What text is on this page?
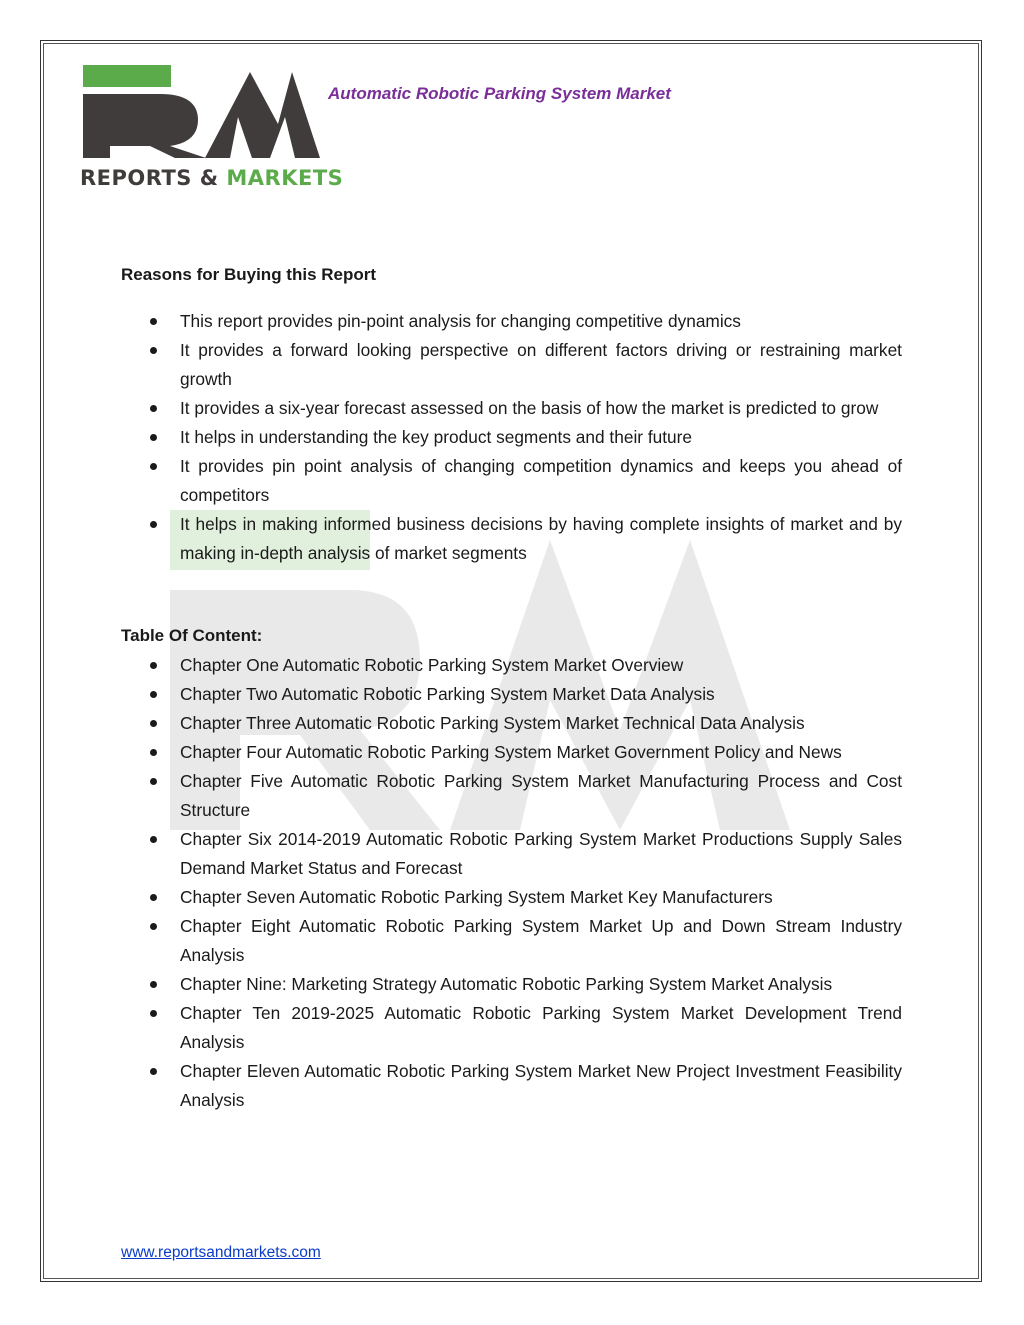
REPORTS & MARKETS
Automatic Robotic Parking System Market
Reasons for Buying this Report
This report provides pin-point analysis for changing competitive dynamics
It provides a forward looking perspective on different factors driving or restraining market growth
It provides a six-year forecast assessed on the basis of how the market is predicted to grow
It helps in understanding the key product segments and their future
It provides pin point analysis of changing competition dynamics and keeps you ahead of competitors
It helps in making informed business decisions by having complete insights of market and by making in-depth analysis of market segments
Table Of Content:
Chapter One Automatic Robotic Parking System Market Overview
Chapter Two Automatic Robotic Parking System Market Data Analysis
Chapter Three Automatic Robotic Parking System Market Technical Data Analysis
Chapter Four Automatic Robotic Parking System Market Government Policy and News
Chapter Five Automatic Robotic Parking System Market Manufacturing Process and Cost Structure
Chapter Six 2014-2019 Automatic Robotic Parking System Market Productions Supply Sales Demand Market Status and Forecast
Chapter Seven Automatic Robotic Parking System Market Key Manufacturers
Chapter Eight Automatic Robotic Parking System Market Up and Down Stream Industry Analysis
Chapter Nine: Marketing Strategy Automatic Robotic Parking System Market Analysis
Chapter Ten 2019-2025 Automatic Robotic Parking System Market Development Trend Analysis
Chapter Eleven Automatic Robotic Parking System Market New Project Investment Feasibility Analysis
www.reportsandmarkets.com
